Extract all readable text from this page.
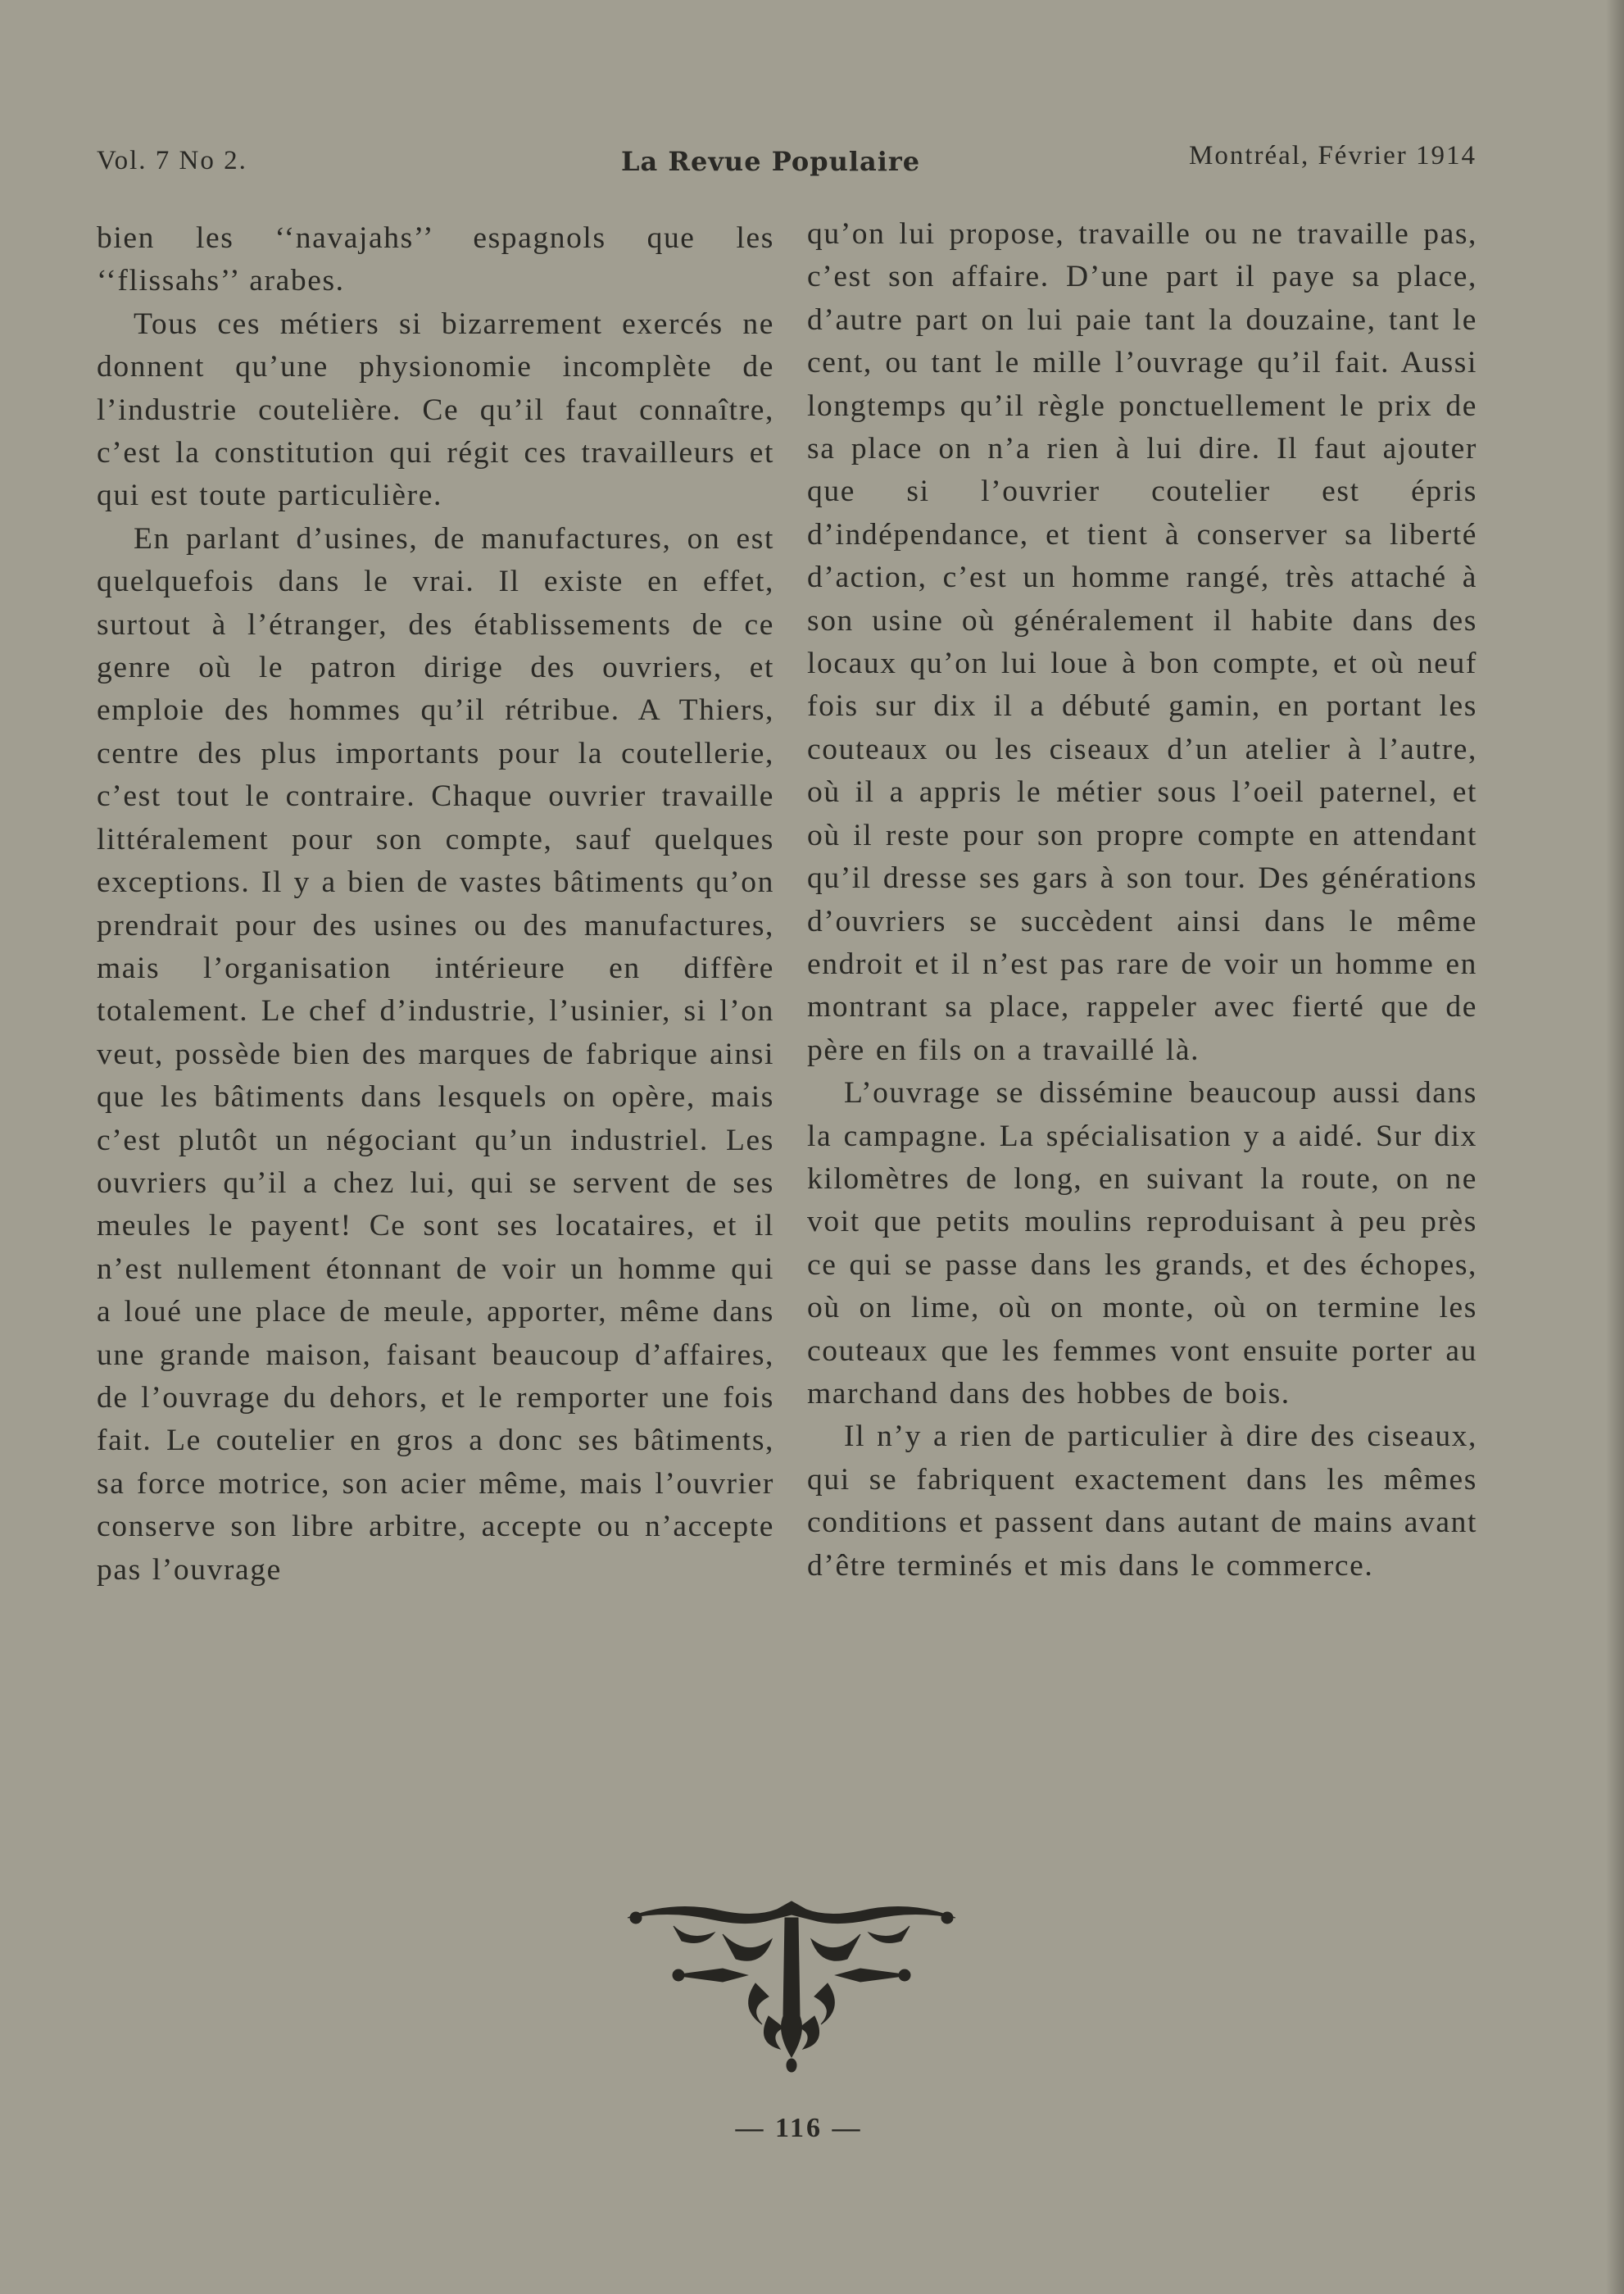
Vol. 7 No 2.	La Revue Populaire	Montréal, Février 1914

bien les ‘‘navajahs’’ espagnols que les ‘‘flissahs’’ arabes.

Tous ces métiers si bizarrement exercés ne donnent qu’une physionomie incomplète de l’industrie coutelière. Ce qu’il faut connaître, c’est la constitution qui régit ces travailleurs et qui est toute particulière.

En parlant d’usines, de manufactures, on est quelquefois dans le vrai. Il existe en effet, surtout à l’étranger, des établissements de ce genre où le patron dirige des ouvriers, et emploie des hommes qu’il rétribue. A Thiers, centre des plus importants pour la coutellerie, c’est tout le contraire. Chaque ouvrier travaille littéralement pour son compte, sauf quelques exceptions. Il y a bien de vastes bâtiments qu’on prendrait pour des usines ou des manufactures, mais l’organisation intérieure en diffère totalement. Le chef d’industrie, l’usinier, si l’on veut, possède bien des marques de fabrique ainsi que les bâtiments dans lesquels on opère, mais c’est plutôt un négociant qu’un industriel. Les ouvriers qu’il a chez lui, qui se servent de ses meules le payent! Ce sont ses locataires, et il n’est nullement étonnant de voir un homme qui a loué une place de meule, apporter, même dans une grande maison, faisant beaucoup d’affaires, de l’ouvrage du dehors, et le remporter une fois fait. Le coutelier en gros a donc ses bâtiments, sa force motrice, son acier même, mais l’ouvrier conserve son libre arbitre, accepte ou n’accepte pas l’ouvrage

qu’on lui propose, travaille ou ne travaille pas, c’est son affaire. D’une part il paye sa place, d’autre part on lui paie tant la douzaine, tant le cent, ou tant le mille l’ouvrage qu’il fait. Aussi longtemps qu’il règle ponctuellement le prix de sa place on n’a rien à lui dire. Il faut ajouter que si l’ouvrier coutelier est épris d’indépendance, et tient à conserver sa liberté d’action, c’est un homme rangé, très attaché à son usine où généralement il habite dans des locaux qu’on lui loue à bon compte, et où neuf fois sur dix il a débuté gamin, en portant les couteaux ou les ciseaux d’un atelier à l’autre, où il a appris le métier sous l’oeil paternel, et où il reste pour son propre compte en attendant qu’il dresse ses gars à son tour. Des générations d’ouvriers se succèdent ainsi dans le même endroit et il n’est pas rare de voir un homme en montrant sa place, rappeler avec fierté que de père en fils on a travaillé là.

L’ouvrage se dissémine beaucoup aussi dans la campagne. La spécialisation y a aidé. Sur dix kilomètres de long, en suivant la route, on ne voit que petits moulins reproduisant à peu près ce qui se passe dans les grands, et des échopes, où on lime, où on monte, où on termine les couteaux que les femmes vont ensuite porter au marchand dans des hobbes de bois.

Il n’y a rien de particulier à dire des ciseaux, qui se fabriquent exactement dans les mêmes conditions et passent dans autant de mains avant d’être terminés et mis dans le commerce.

— 116 —
